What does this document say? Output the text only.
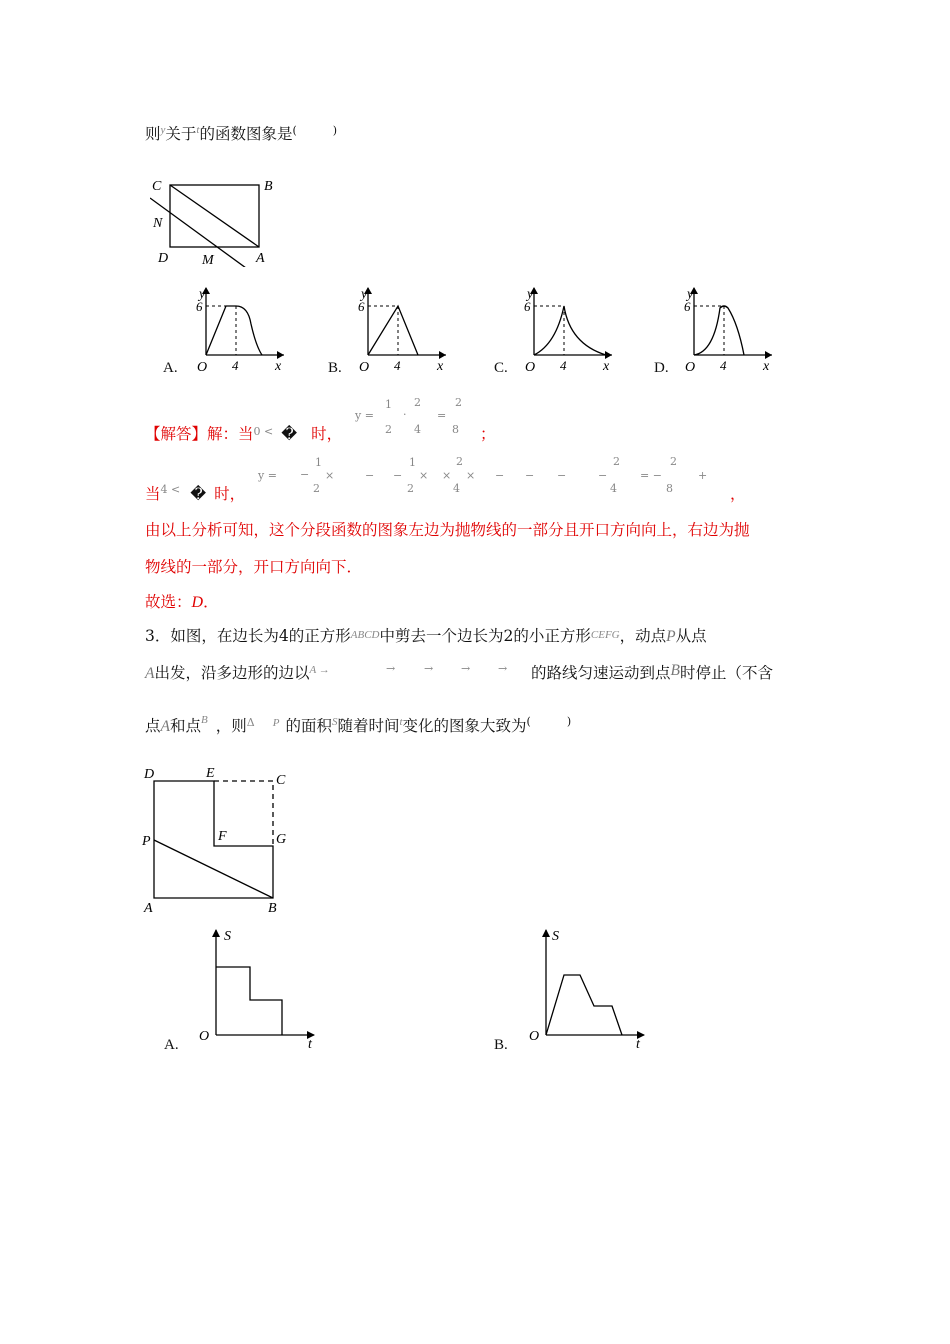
则$^y$关于$^t$的函数图象是(	)
C	B
N
D M	A
A.
y
6
O 4	x	B.
y
6
O 4	x	C.
y
6
O 4	x	D.
y
6
O 4	x
【解答】解：当$^{0 <}$ � 时，
y =
1
2
·
2
4
=
2
8 ；
当$^{4 <}$ � 时，
y = −
1
2
×	− −
1
2
× ×
2
4
× − − −	−
2
4
= −
2
8
+
，
由以上分析可知，这个分段函数的图象左边为抛物线的一部分且开口方向向上，右边为抛
物线的一部分，开口方向向下．
故选：D．
3．如图，在边长为4的正方形ABCD中剪去一个边长为2的小正方形CEFG，动点P从点
A出发，沿多边形的边以$^{A \to}$	→	→	→	→ 的路线匀速运动到点B时停止（不含
点A和点$^B$ ，则$^\Delta$ $^P$ 的面积$^S$随着时间$^t$变化的图象大致为(	)
D	E	C
P	F	G
A	B
A.
S
O
t	B.
S
O
t
